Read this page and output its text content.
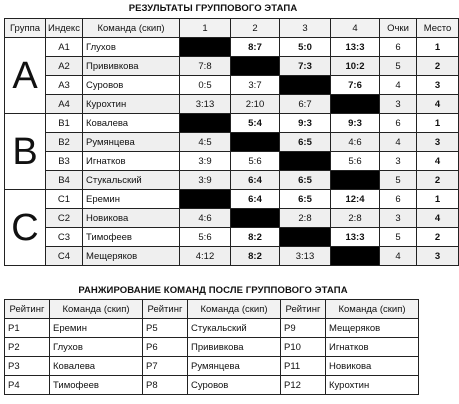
РЕЗУЛЬТАТЫ ГРУППОВОГО ЭТАПА
Группа	Индекс	Команда (скип)	1	2	3	4	Очки	Место
A	A1	Глухов		8:7	5:0	13:3	6	1
	A2	Прививкова	7:8		7:3	10:2	5	2
	A3	Суровов	0:5	3:7		7:6	4	3
	A4	Курохтин	3:13	2:10	6:7		3	4
B	B1	Ковалева		5:4	9:3	9:3	6	1
	B2	Румянцева	4:5		6:5	4:6	4	3
	B3	Игнатков	3:9	5:6		5:6	3	4
	B4	Стукальский	3:9	6:4	6:5		5	2
C	C1	Еремин		6:4	6:5	12:4	6	1
	C2	Новикова	4:6		2:8	2:8	3	4
	C3	Тимофеев	5:6	8:2		13:3	5	2
	C4	Мещеряков	4:12	8:2	3:13		4	3
РАНЖИРОВАНИЕ КОМАНД ПОСЛЕ ГРУППОВОГО ЭТАПА
Рейтинг	Команда (скип)	Рейтинг	Команда (скип)	Рейтинг	Команда (скип)
P1	Еремин	P5	Стукальский	P9	Мещеряков
P2	Глухов	P6	Прививкова	P10	Игнатков
P3	Ковалева	P7	Румянцева	P11	Новикова
P4	Тимофеев	P8	Суровов	P12	Курохтин
